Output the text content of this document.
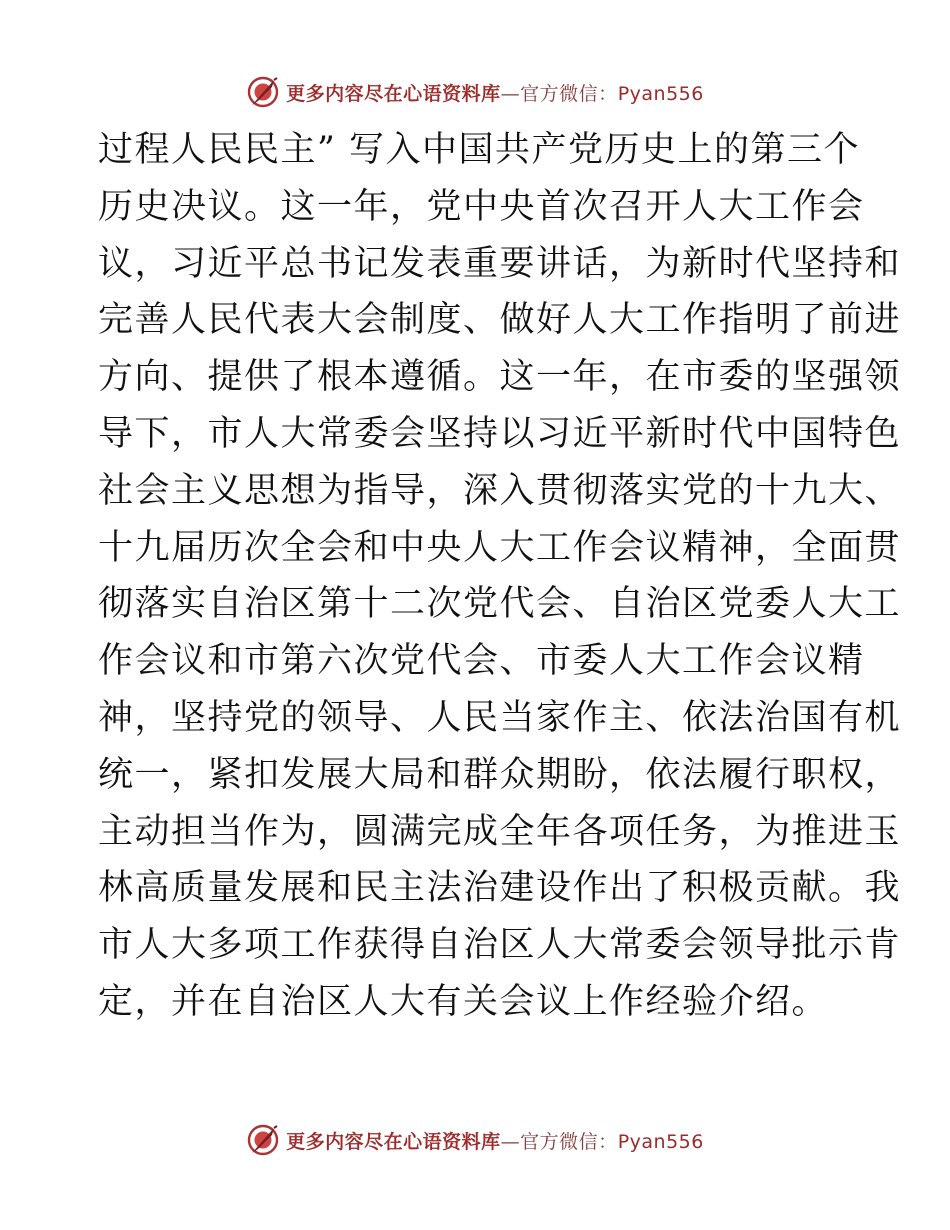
更多内容尽在心语资料库—官方微信：Pyan556
过程人民民主” 写入中国共产党历史上的第三个
历史决议。这一年，党中央首次召开人大工作会
议，习近平总书记发表重要讲话，为新时代坚持和
完善人民代表大会制度、做好人大工作指明了前进
方向、提供了根本遵循。这一年，在市委的坚强领
导下，市人大常委会坚持以习近平新时代中国特色
社会主义思想为指导，深入贯彻落实党的十九大、
十九届历次全会和中央人大工作会议精神，全面贯
彻落实自治区第十二次党代会、自治区党委人大工
作会议和市第六次党代会、市委人大工作会议精
神，坚持党的领导、人民当家作主、依法治国有机
统一，紧扣发展大局和群众期盼，依法履行职权，
主动担当作为，圆满完成全年各项任务，为推进玉
林高质量发展和民主法治建设作出了积极贡献。我
市人大多项工作获得自治区人大常委会领导批示肯
定，并在自治区人大有关会议上作经验介绍。
更多内容尽在心语资料库—官方微信：Pyan556
